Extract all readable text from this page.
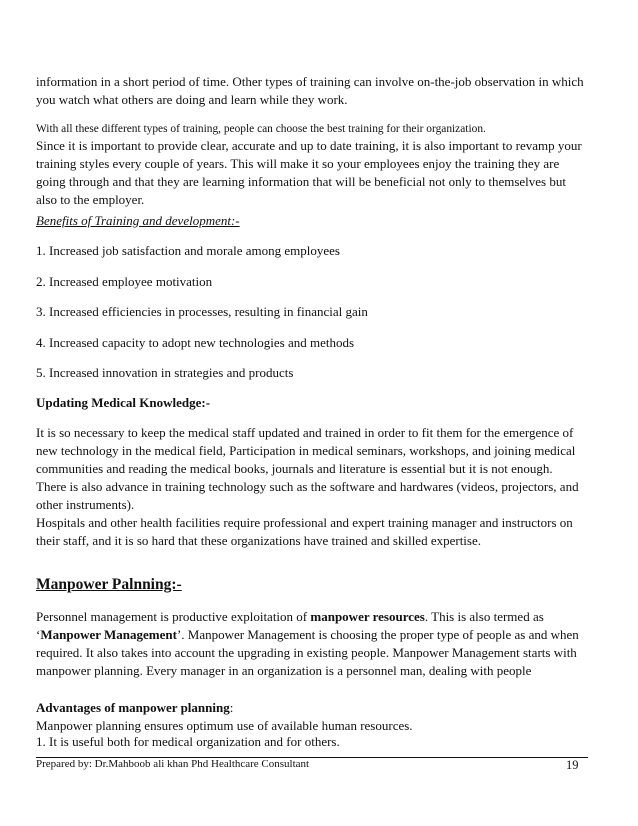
information in a short period of time. Other types of training can involve on-the-job observation in which you watch what others are doing and learn while they work.
With all these different types of training, people can choose the best training for their organization.
Since it is important to provide clear, accurate and up to date training, it is also important to revamp your training styles every couple of years. This will make it so your employees enjoy the training they are going through and that they are learning information that will be beneficial not only to themselves but also to the employer.
Benefits of Training and development:-
1. Increased job satisfaction and morale among employees
2. Increased employee motivation
3. Increased efficiencies in processes, resulting in financial gain
4. Increased capacity to adopt new technologies and methods
5. Increased innovation in strategies and products
Updating Medical Knowledge:-
It is so necessary to keep the medical staff updated and trained in order to fit them for the emergence of new technology in the medical field, Participation in medical seminars, workshops, and joining medical communities and reading the medical books, journals and literature is essential but it is not enough. There is also advance in training technology such as the software and hardwares (videos, projectors, and other instruments).
Hospitals and other health facilities require professional and expert training manager and instructors on their staff, and it is so hard that these organizations have trained and skilled expertise.
Manpower Palnning:-
Personnel management is productive exploitation of manpower resources. This is also termed as ‘Manpower Management’. Manpower Management is choosing the proper type of people as and when required. It also takes into account the upgrading in existing people. Manpower Management starts with manpower planning. Every manager in an organization is a personnel man, dealing with people
Advantages of manpower planning:
Manpower planning ensures optimum use of available human resources.
1. It is useful both for medical organization and for others.
Prepared by: Dr.Mahboob ali khan Phd Healthcare Consultant	19
